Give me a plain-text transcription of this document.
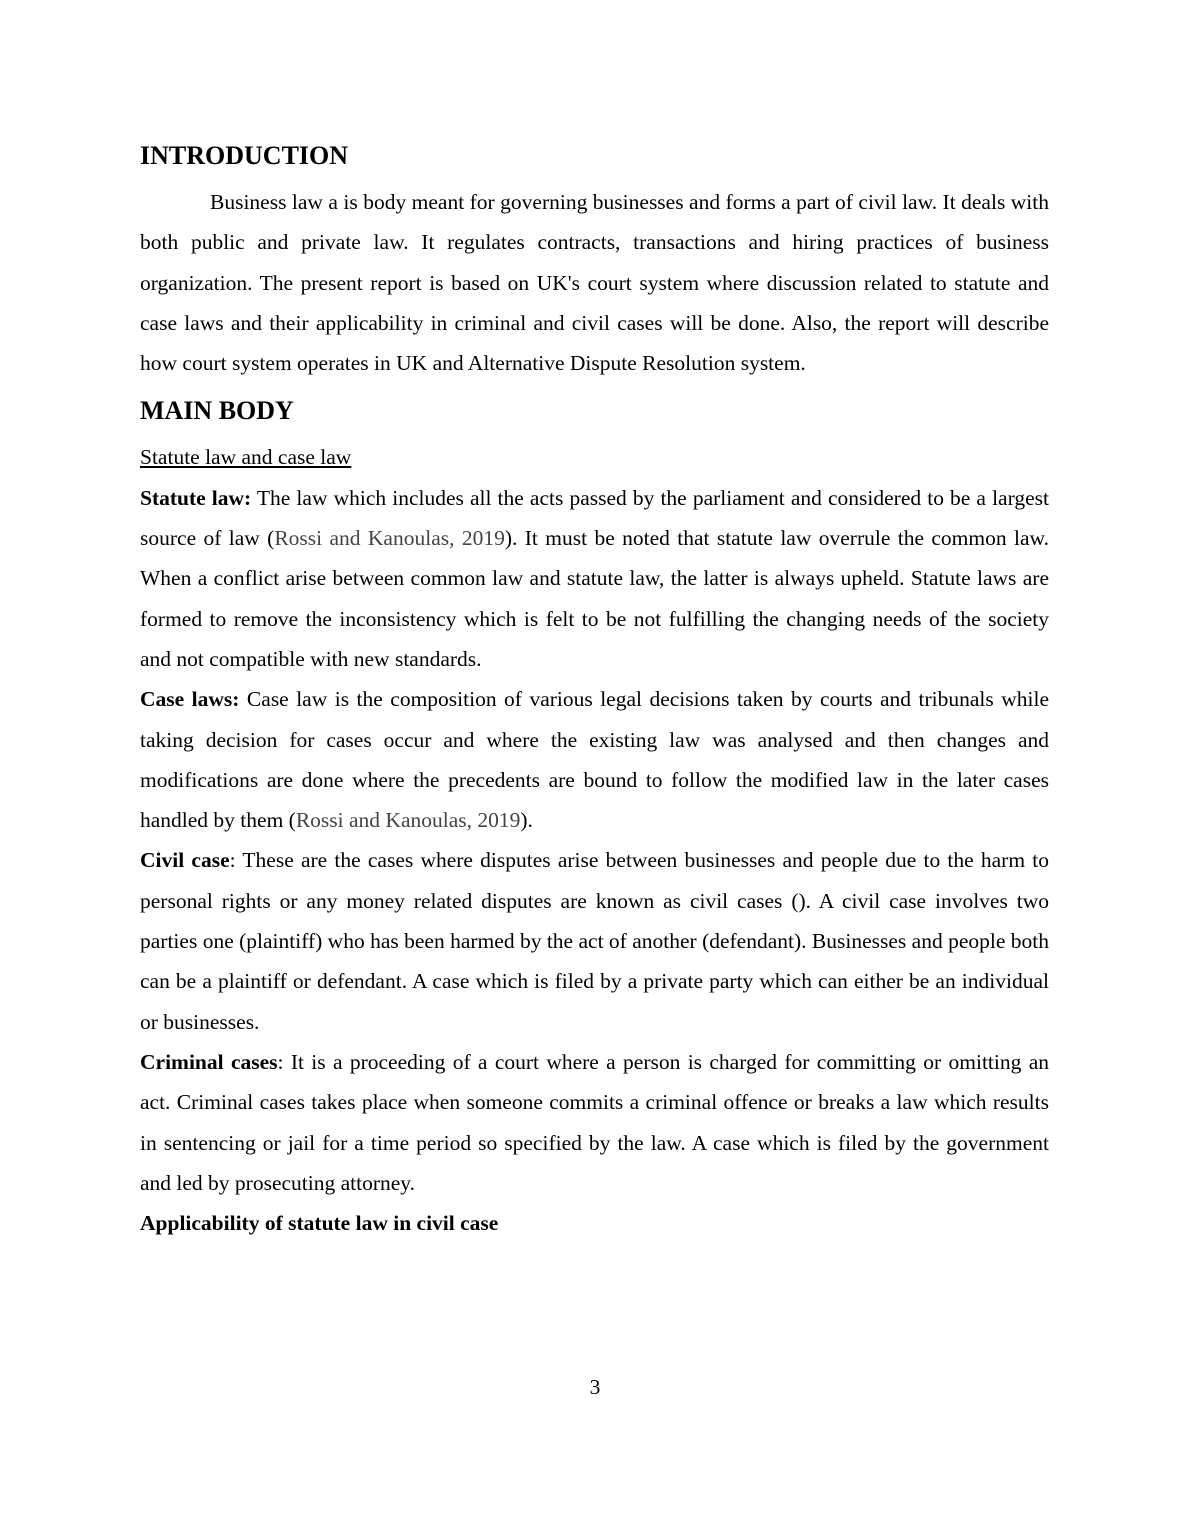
INTRODUCTION

Business law a is body meant for governing businesses and forms a part of civil law. It deals with both public and private law. It regulates contracts, transactions and hiring practices of business organization. The present report is based on UK's court system where discussion related to statute and case laws and their applicability in criminal and civil cases will be done. Also, the report will describe how court system operates in UK and Alternative Dispute Resolution system.

MAIN BODY

Statute law and case law

Statute law: The law which includes all the acts passed by the parliament and considered to be a largest source of law (Rossi and Kanoulas, 2019). It must be noted that statute law overrule the common law. When a conflict arise between common law and statute law, the latter is always upheld. Statute laws are formed to remove the inconsistency which is felt to be not fulfilling the changing needs of the society and not compatible with new standards.

Case laws: Case law is the composition of various legal decisions taken by courts and tribunals while taking decision for cases occur and where the existing law was analysed and then changes and modifications are done where the precedents are bound to follow the modified law in the later cases handled by them (Rossi and Kanoulas, 2019).

Civil case: These are the cases where disputes arise between businesses and people due to the harm to personal rights or any money related disputes are known as civil cases (). A civil case involves two parties one (plaintiff) who has been harmed by the act of another (defendant). Businesses and people both can be a plaintiff or defendant. A case which is filed by a private party which can either be an individual or businesses.

Criminal cases: It is a proceeding of a court where a person is charged for committing or omitting an act. Criminal cases takes place when someone commits a criminal offence or breaks a law which results in sentencing or jail for a time period so specified by the law. A case which is filed by the government and led by prosecuting attorney.

Applicability of statute law in civil case

3
